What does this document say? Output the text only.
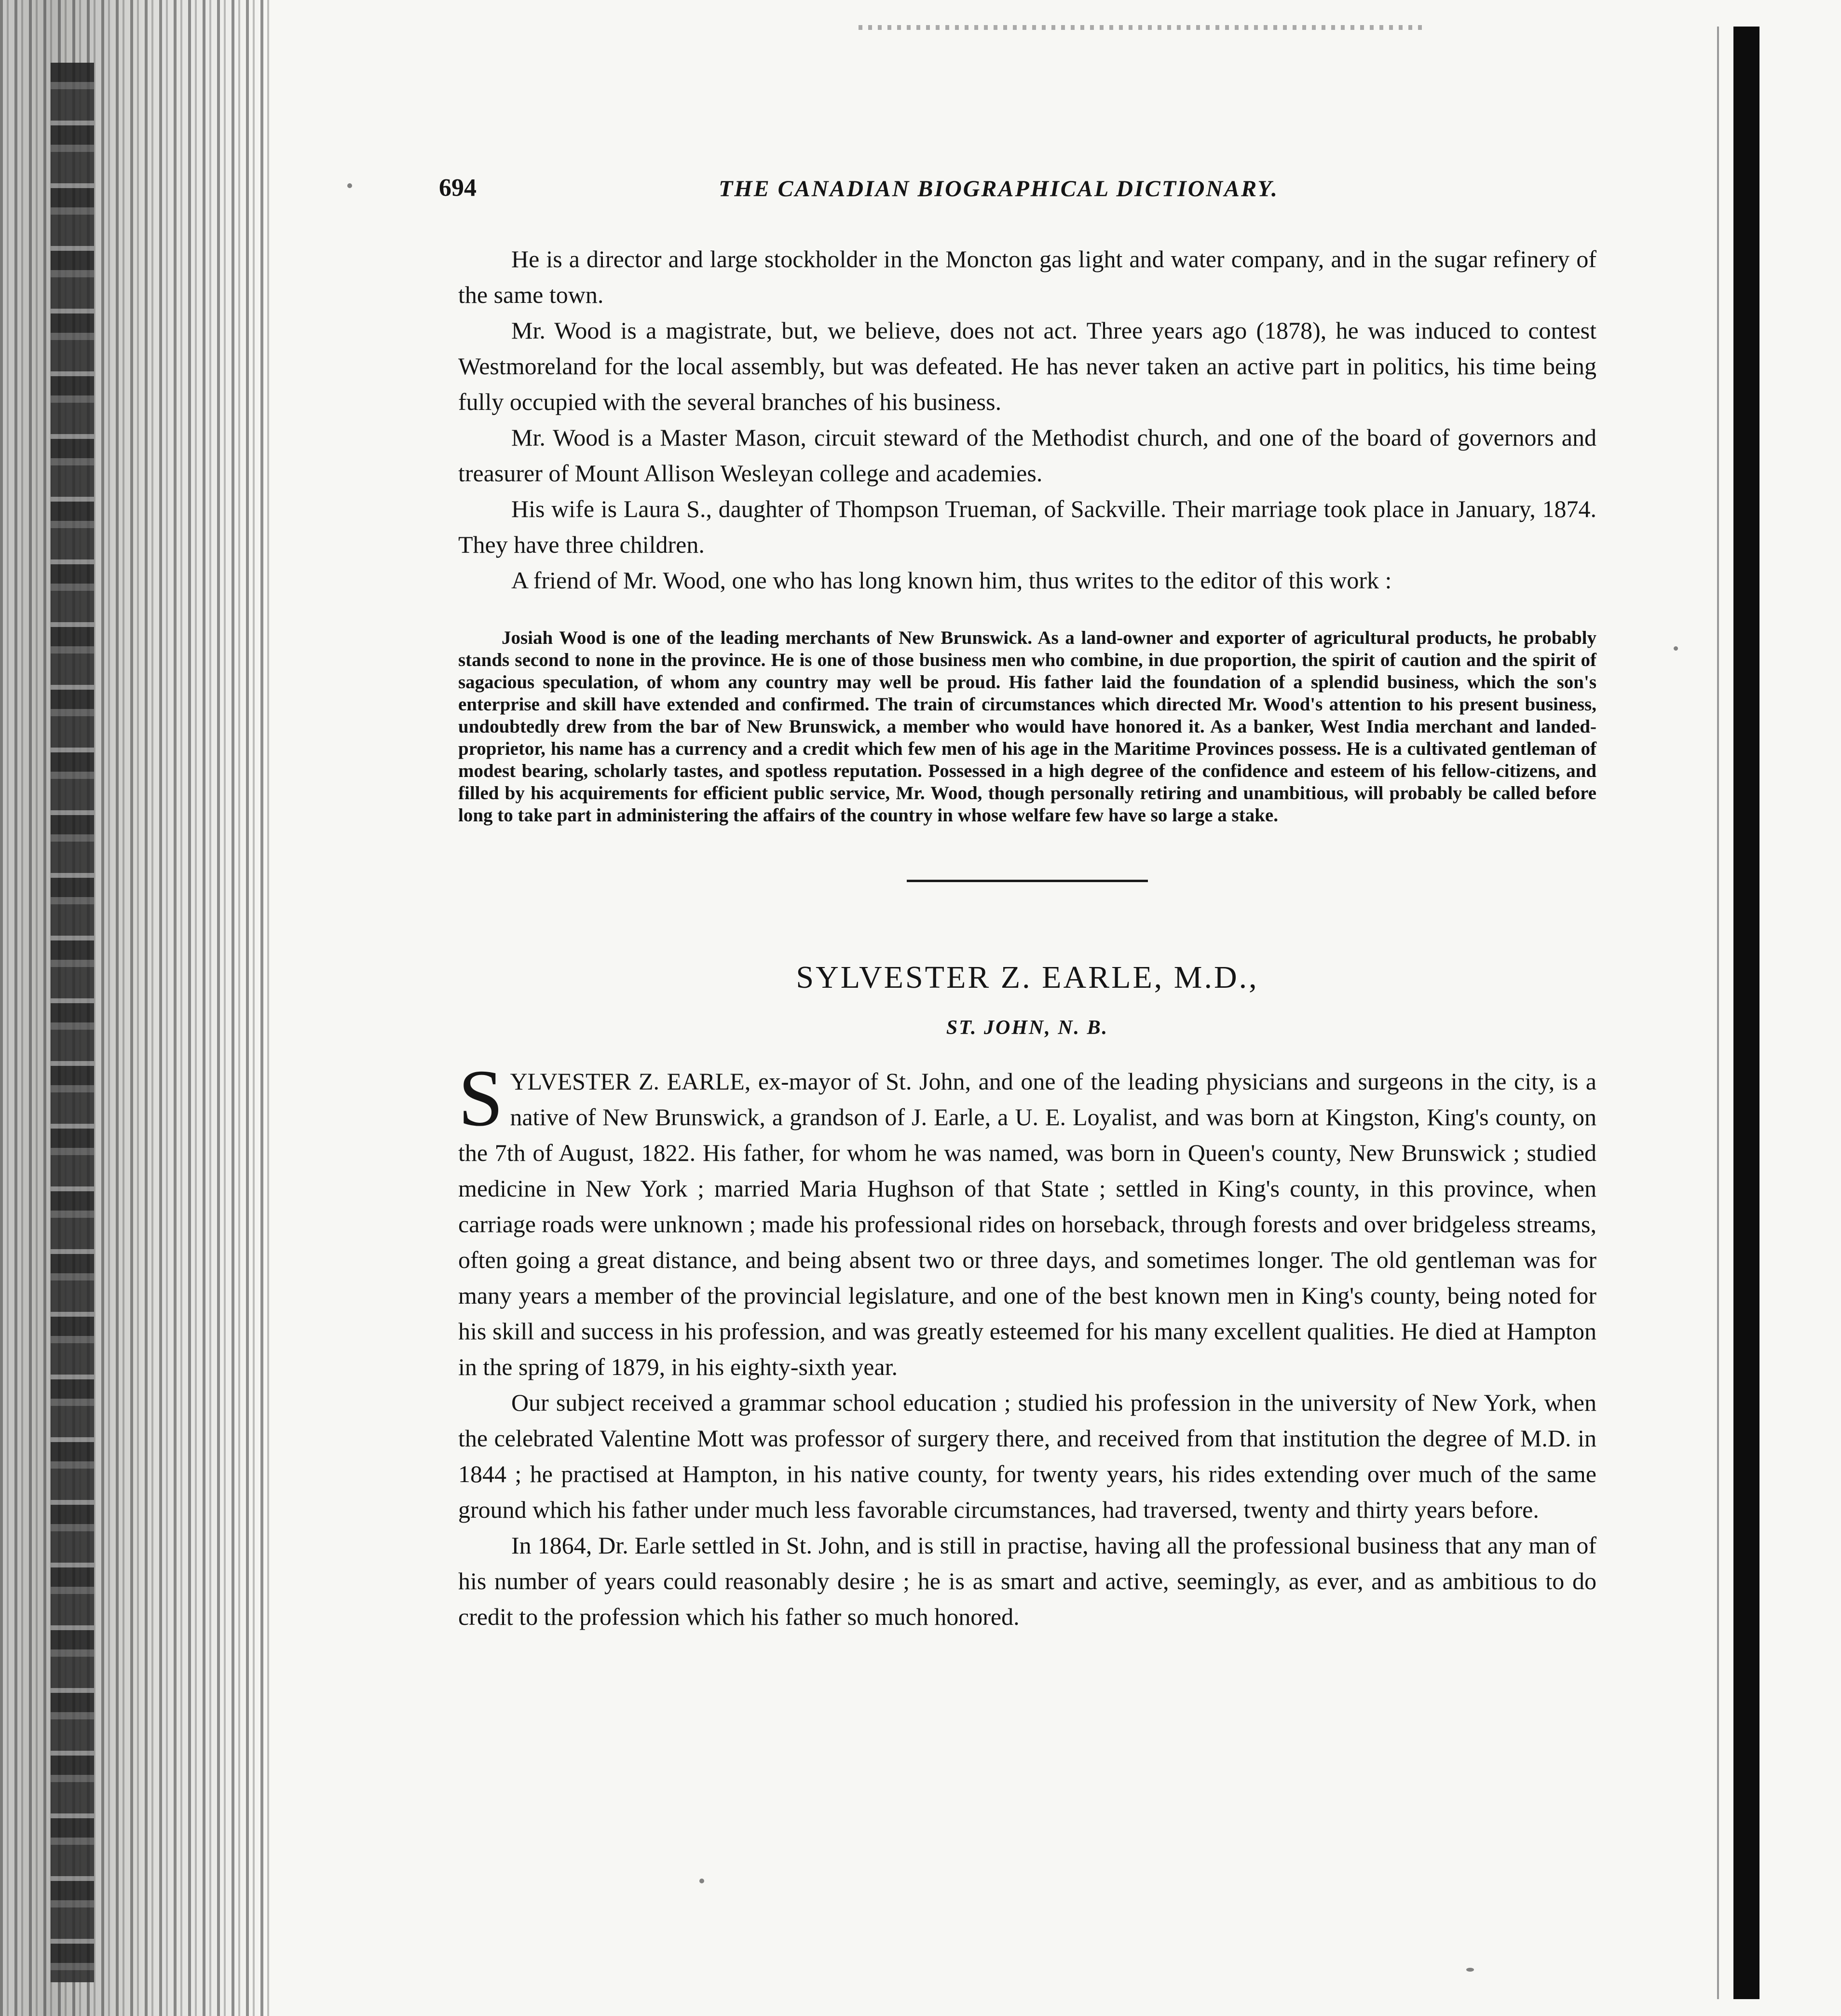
694	THE CANADIAN BIOGRAPHICAL DICTIONARY.

He is a director and large stockholder in the Moncton gas light and water company, and in the sugar refinery of the same town.

Mr. Wood is a magistrate, but, we believe, does not act. Three years ago (1878), he was induced to contest Westmoreland for the local assembly, but was defeated. He has never taken an active part in politics, his time being fully occupied with the several branches of his business.

Mr. Wood is a Master Mason, circuit steward of the Methodist church, and one of the board of governors and treasurer of Mount Allison Wesleyan college and academies.

His wife is Laura S., daughter of Thompson Trueman, of Sackville. Their marriage took place in January, 1874. They have three children.

A friend of Mr. Wood, one who has long known him, thus writes to the editor of this work :

Josiah Wood is one of the leading merchants of New Brunswick. As a land-owner and exporter of agricultural products, he probably stands second to none in the province. He is one of those business men who combine, in due proportion, the spirit of caution and the spirit of sagacious speculation, of whom any country may well be proud. His father laid the foundation of a splendid business, which the son's enterprise and skill have extended and confirmed. The train of circumstances which directed Mr. Wood's attention to his present business, undoubtedly drew from the bar of New Brunswick, a member who would have honored it. As a banker, West India merchant and landed-proprietor, his name has a currency and a credit which few men of his age in the Maritime Provinces possess. He is a cultivated gentleman of modest bearing, scholarly tastes, and spotless reputation. Possessed in a high degree of the confidence and esteem of his fellow-citizens, and filled by his acquirements for efficient public service, Mr. Wood, though personally retiring and unambitious, will probably be called before long to take part in administering the affairs of the country in whose welfare few have so large a stake.

SYLVESTER Z. EARLE, M.D.,
ST. JOHN, N. B.

S YLVESTER Z. EARLE, ex-mayor of St. John, and one of the leading physicians and surgeons in the city, is a native of New Brunswick, a grandson of J. Earle, a U. E. Loyalist, and was born at Kingston, King's county, on the 7th of August, 1822. His father, for whom he was named, was born in Queen's county, New Brunswick ; studied medicine in New York ; married Maria Hughson of that State ; settled in King's county, in this province, when carriage roads were unknown ; made his professional rides on horseback, through forests and over bridgeless streams, often going a great distance, and being absent two or three days, and sometimes longer. The old gentleman was for many years a member of the provincial legislature, and one of the best known men in King's county, being noted for his skill and success in his profession, and was greatly esteemed for his many excellent qualities. He died at Hampton in the spring of 1879, in his eighty-sixth year.

Our subject received a grammar school education ; studied his profession in the university of New York, when the celebrated Valentine Mott was professor of surgery there, and received from that institution the degree of M.D. in 1844 ; he practised at Hampton, in his native county, for twenty years, his rides extending over much of the same ground which his father under much less favorable circumstances, had traversed, twenty and thirty years before.

In 1864, Dr. Earle settled in St. John, and is still in practise, having all the professional business that any man of his number of years could reasonably desire ; he is as smart and active, seemingly, as ever, and as ambitious to do credit to the profession which his father so much honored.
